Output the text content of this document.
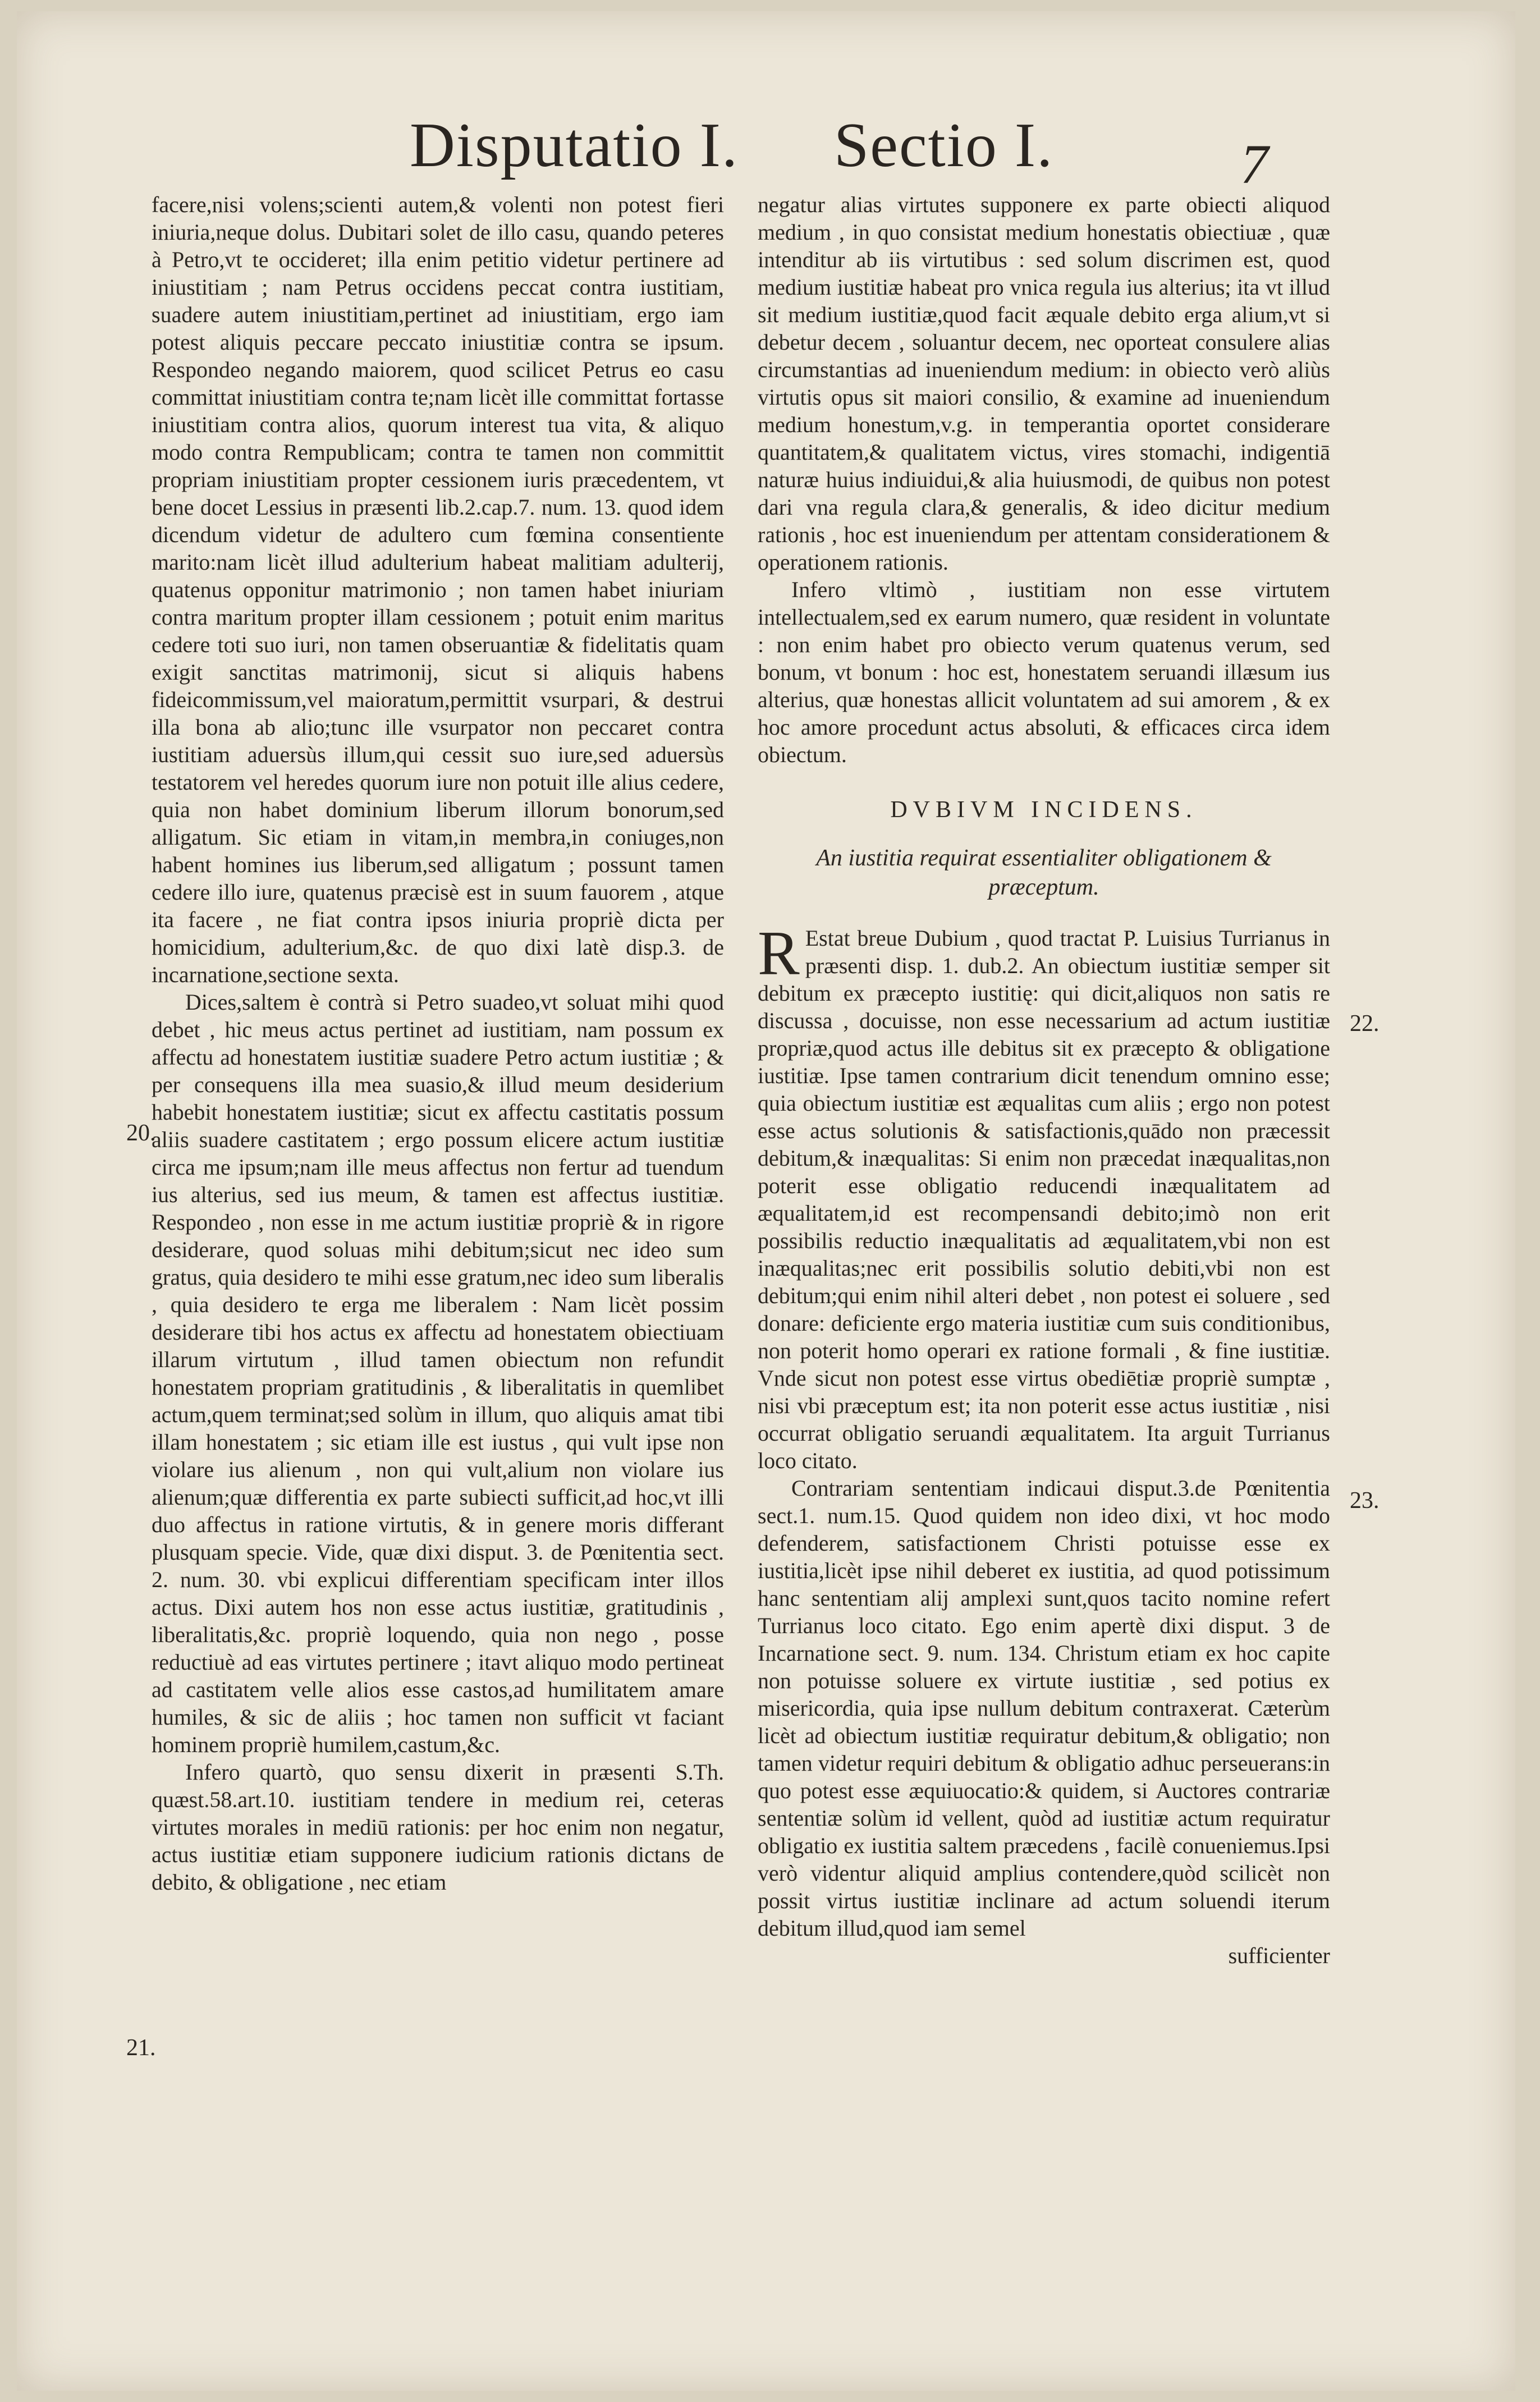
Disputatio I. Sectio I.	7

facere,nisi volens;scienti autem,& volenti non potest fieri iniuria,neque dolus. Dubitari solet de illo casu, quando peteres à Petro,vt te occideret; illa enim petitio videtur pertinere ad iniustitiam ; nam Petrus occidens peccat contra iustitiam, suadere autem iniustitiam,pertinet ad iniustitiam, ergo iam potest aliquis peccare peccato iniustitiæ contra se ipsum. Respondeo negando maiorem, quod scilicet Petrus eo casu committat iniustitiam contra te;nam licèt ille committat fortasse iniustitiam contra alios, quorum interest tua vita, & aliquo modo contra Rempublicam; contra te tamen non committit propriam iniustitiam propter cessionem iuris præcedentem, vt bene docet Lessius in præsenti lib.2.cap.7. num. 13. quod idem dicendum videtur de adultero cum fœmina consentiente marito:nam licèt illud adulterium habeat malitiam adulterij, quatenus opponitur matrimonio ; non tamen habet iniuriam contra maritum propter illam cessionem ; potuit enim maritus cedere toti suo iuri, non tamen obseruantiæ & fidelitatis quam exigit sanctitas matrimonij, sicut si aliquis habens fideicommissum,vel maioratum,permittit vsurpari, & destrui illa bona ab alio;tunc ille vsurpator non peccaret contra iustitiam aduersùs illum,qui cessit suo iure,sed aduersùs testatorem vel heredes quorum iure non potuit ille alius cedere, quia non habet dominium liberum illorum bonorum,sed alligatum. Sic etiam in vitam,in membra,in coniuges,non habent homines ius liberum,sed alligatum ; possunt tamen cedere illo iure, quatenus præcisè est in suum fauorem , atque ita facere , ne fiat contra ipsos iniuria propriè dicta per homicidium, adulterium,&c. de quo dixi latè disp.3. de incarnatione,sectione sexta.

Dices,saltem è contrà si Petro suadeo,vt soluat mihi quod debet , hic meus actus pertinet ad iustitiam, nam possum ex affectu ad honestatem iustitiæ suadere Petro actum iustitiæ ; & per consequens illa mea suasio,& illud meum desiderium habebit honestatem iustitiæ; sicut ex affectu castitatis possum aliis suadere castitatem ; ergo possum elicere actum iustitiæ circa me ipsum;nam ille meus affectus non fertur ad tuendum ius alterius, sed ius meum, & tamen est affectus iustitiæ. Respondeo , non esse in me actum iustitiæ propriè & in rigore desiderare, quod soluas mihi debitum;sicut nec ideo sum gratus, quia desidero te mihi esse gratum,nec ideo sum liberalis , quia desidero te erga me liberalem : Nam licèt possim desiderare tibi hos actus ex affectu ad honestatem obiectiuam illarum virtutum , illud tamen obiectum non refundit honestatem propriam gratitudinis , & liberalitatis in quemlibet actum,quem terminat;sed solùm in illum, quo aliquis amat tibi illam honestatem ; sic etiam ille est iustus , qui vult ipse non violare ius alienum , non qui vult,alium non violare ius alienum;quæ differentia ex parte subiecti sufficit,ad hoc,vt illi duo affectus in ratione virtutis, & in genere moris differant plusquam specie. Vide, quæ dixi disput. 3. de Pœnitentia sect. 2. num. 30. vbi explicui differentiam specificam inter illos actus. Dixi autem hos non esse actus iustitiæ, gratitudinis , liberalitatis,&c. propriè loquendo, quia non nego , posse reductiuè ad eas virtutes pertinere ; itavt aliquo modo pertineat ad castitatem velle alios esse castos,ad humilitatem amare humiles, & sic de aliis ; hoc tamen non sufficit vt faciant hominem propriè humilem,castum,&c.

Infero quartò, quo sensu dixerit in præsenti S.Th. quæst.58.art.10. iustitiam tendere in medium rei, ceteras virtutes morales in mediū rationis: per hoc enim non negatur, actus iustitiæ etiam supponere iudicium rationis dictans de debito, & obligatione , nec etiam

20.
21.

negatur alias virtutes supponere ex parte obiecti aliquod medium , in quo consistat medium honestatis obiectiuæ , quæ intenditur ab iis virtutibus : sed solum discrimen est, quod medium iustitiæ habeat pro vnica regula ius alterius; ita vt illud sit medium iustitiæ,quod facit æquale debito erga alium,vt si debetur decem , soluantur decem, nec oporteat consulere alias circumstantias ad inueniendum medium: in obiecto verò aliùs virtutis opus sit maiori consilio, & examine ad inueniendum medium honestum,v.g. in temperantia oportet considerare quantitatem,& qualitatem victus, vires stomachi, indigentiā naturæ huius indiuidui,& alia huiusmodi, de quibus non potest dari vna regula clara,& generalis, & ideo dicitur medium rationis , hoc est inueniendum per attentam considerationem & operationem rationis.

Infero vltimò , iustitiam non esse virtutem intellectualem,sed ex earum numero, quæ resident in voluntate : non enim habet pro obiecto verum quatenus verum, sed bonum, vt bonum : hoc est, honestatem seruandi illæsum ius alterius, quæ honestas allicit voluntatem ad sui amorem , & ex hoc amore procedunt actus absoluti, & efficaces circa idem obiectum.

DVBIVM INCIDENS.
An iustitia requirat essentialiter obligationem & præceptum.

R Estat breue Dubium , quod tractat P. Luisius Turrianus in præsenti disp. 1. dub.2. An obiectum iustitiæ semper sit debitum ex præcepto iustitię: qui dicit,aliquos non satis re discussa , docuisse, non esse necessarium ad actum iustitiæ propriæ,quod actus ille debitus sit ex præcepto & obligatione iustitiæ. Ipse tamen contrarium dicit tenendum omnino esse; quia obiectum iustitiæ est æqualitas cum aliis ; ergo non potest esse actus solutionis & satisfactionis,quādo non præcessit debitum,& inæqualitas: Si enim non præcedat inæqualitas,non poterit esse obligatio reducendi inæqualitatem ad æqualitatem,id est recompensandi debito;imò non erit possibilis reductio inæqualitatis ad æqualitatem,vbi non est inæqualitas;nec erit possibilis solutio debiti,vbi non est debitum;qui enim nihil alteri debet , non potest ei soluere , sed donare: deficiente ergo materia iustitiæ cum suis conditionibus, non poterit homo operari ex ratione formali , & fine iustitiæ. Vnde sicut non potest esse virtus obediētiæ propriè sumptæ , nisi vbi præceptum est; ita non poterit esse actus iustitiæ , nisi occurrat obligatio seruandi æqualitatem. Ita arguit Turrianus loco citato.

Contrariam sententiam indicaui disput.3.de Pœnitentia sect.1. num.15. Quod quidem non ideo dixi, vt hoc modo defenderem, satisfactionem Christi potuisse esse ex iustitia,licèt ipse nihil deberet ex iustitia, ad quod potissimum hanc sententiam alij amplexi sunt,quos tacito nomine refert Turrianus loco citato. Ego enim apertè dixi disput. 3 de Incarnatione sect. 9. num. 134. Christum etiam ex hoc capite non potuisse soluere ex virtute iustitiæ , sed potius ex misericordia, quia ipse nullum debitum contraxerat. Cæterùm licèt ad obiectum iustitiæ requiratur debitum,& obligatio; non tamen videtur requiri debitum & obligatio adhuc perseuerans:in quo potest esse æquiuocatio:& quidem, si Auctores contrariæ sententiæ solùm id vellent, quòd ad iustitiæ actum requiratur obligatio ex iustitia saltem præcedens , facilè conueniemus.Ipsi verò videntur aliquid amplius contendere,quòd scilicèt non possit virtus iustitiæ inclinare ad actum soluendi iterum debitum illud,quod iam semel

sufficienter

22.
23.
